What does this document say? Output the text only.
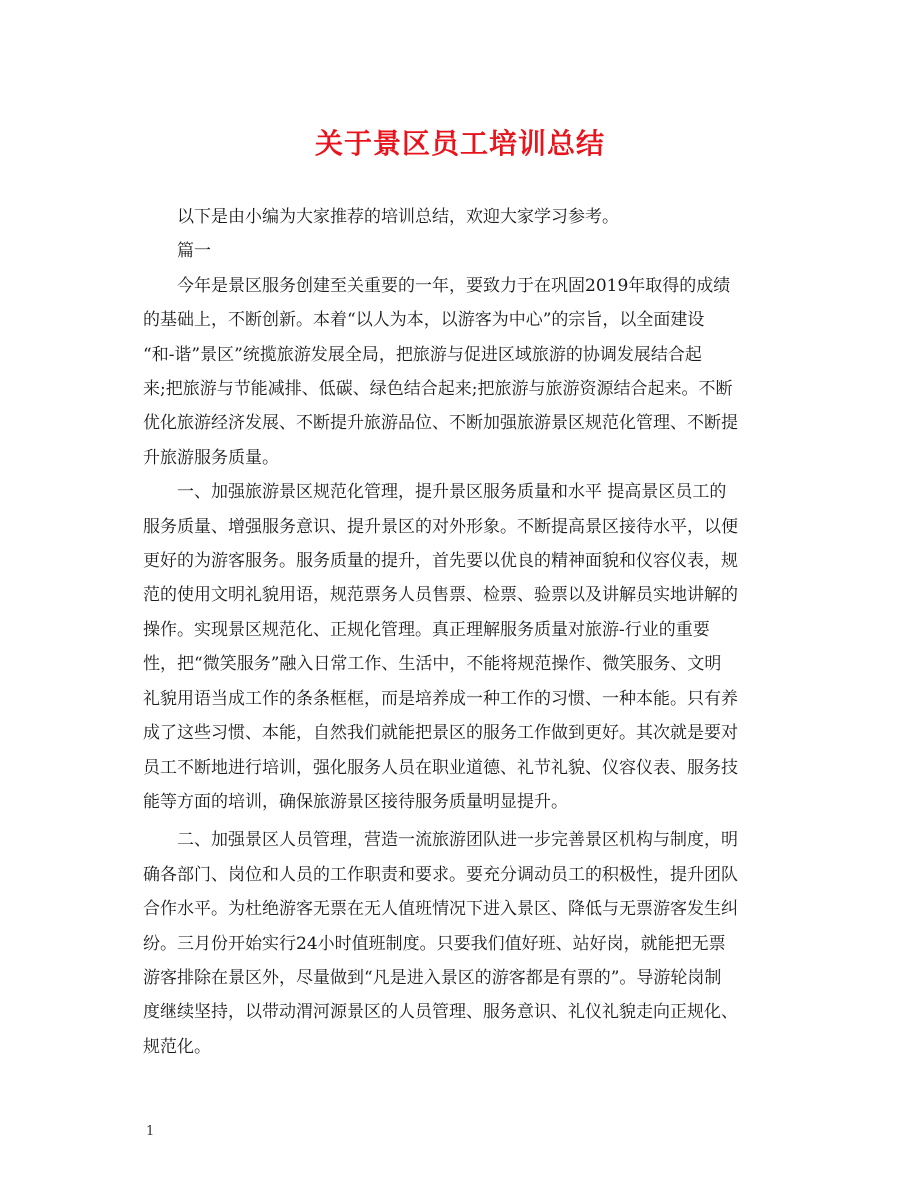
关于景区员工培训总结

以下是由小编为大家推荐的培训总结，欢迎大家学习参考。

篇一

今年是景区服务创建至关重要的一年，要致力于在巩固2019年取得的成绩
的基础上，不断创新。本着“以人为本，以游客为中心”的宗旨，以全面建设
“和-谐”景区”统揽旅游发展全局，把旅游与促进区域旅游的协调发展结合起
来;把旅游与节能减排、低碳、绿色结合起来;把旅游与旅游资源结合起来。不断
优化旅游经济发展、不断提升旅游品位、不断加强旅游景区规范化管理、不断提
升旅游服务质量。

一、加强旅游景区规范化管理，提升景区服务质量和水平 提高景区员工的
服务质量、增强服务意识、提升景区的对外形象。不断提高景区接待水平，以便
更好的为游客服务。服务质量的提升，首先要以优良的精神面貌和仪容仪表，规
范的使用文明礼貌用语，规范票务人员售票、检票、验票以及讲解员实地讲解的
操作。实现景区规范化、正规化管理。真正理解服务质量对旅游-行业的重要
性，把“微笑服务”融入日常工作、生活中，不能将规范操作、微笑服务、文明
礼貌用语当成工作的条条框框，而是培养成一种工作的习惯、一种本能。只有养
成了这些习惯、本能，自然我们就能把景区的服务工作做到更好。其次就是要对
员工不断地进行培训，强化服务人员在职业道德、礼节礼貌、仪容仪表、服务技
能等方面的培训，确保旅游景区接待服务质量明显提升。

二、加强景区人员管理，营造一流旅游团队进一步完善景区机构与制度，明
确各部门、岗位和人员的工作职责和要求。要充分调动员工的积极性，提升团队
合作水平。为杜绝游客无票在无人值班情况下进入景区、降低与无票游客发生纠
纷。三月份开始实行24小时值班制度。只要我们值好班、站好岗，就能把无票
游客排除在景区外，尽量做到“凡是进入景区的游客都是有票的”。导游轮岗制
度继续坚持，以带动渭河源景区的人员管理、服务意识、礼仪礼貌走向正规化、
规范化。

1
